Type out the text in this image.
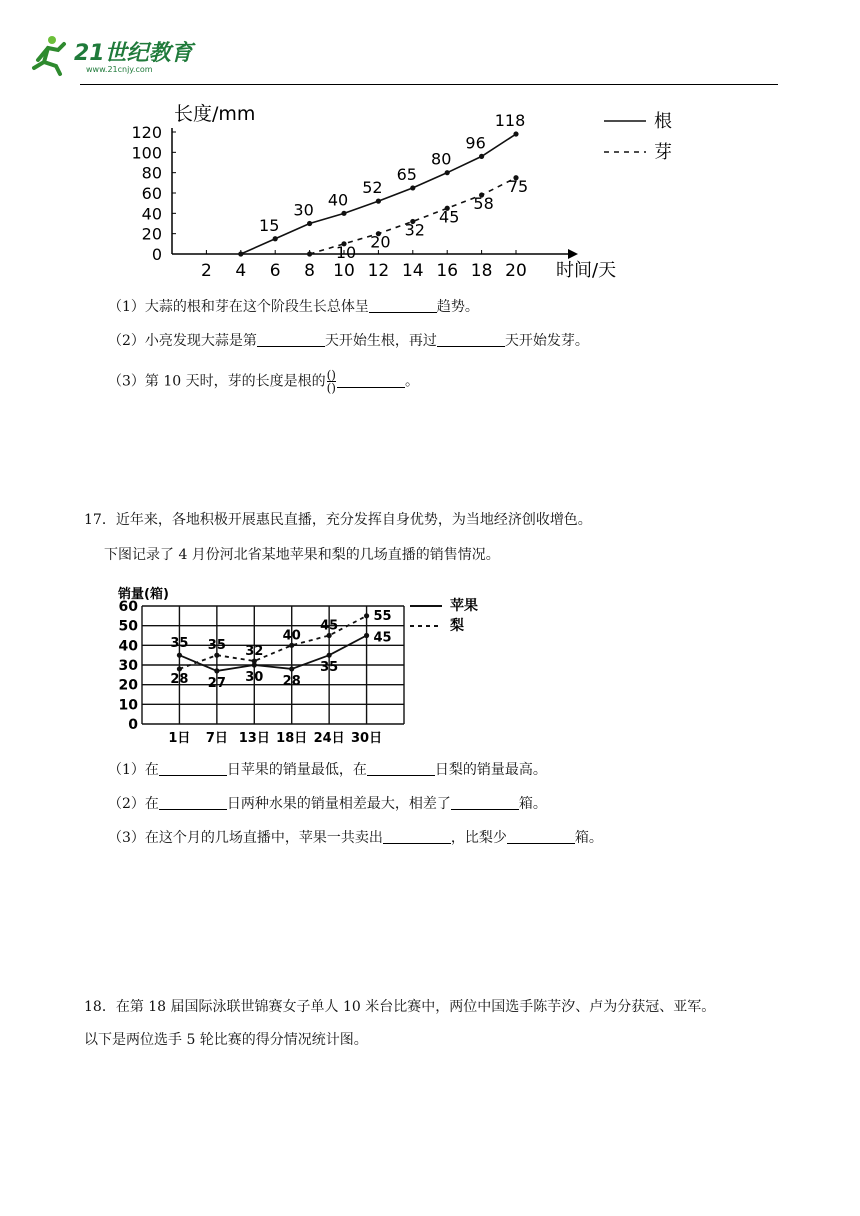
21世纪教育
www.21cnjy.com
长度/mm
0
20
40
60
80
100
120
2 4 6 8 10 12 14 16 18 20 时间/天
15
30
40
52
65
80
96
118
10
20
32
45
58
75
根
芽
（1）大蒜的根和芽在这个阶段生长总体呈	趋势。
（2）小亮发现大蒜是第	天开始生根，再过	天开始发芽。
（3）第 10 天时，芽的长度是根的 $\frac{()}{()}$	。
17．近年来，各地积极开展惠民直播，充分发挥自身优势，为当地经济创收增色。
下图记录了 4 月份河北省某地苹果和梨的几场直播的销售情况。
销量(箱)
0
10
20
30
40
50
60
1日 7日 13日 18日 24日 30日
35
27 30 28
35
45
28
35 32
40
45
55
苹果
梨
（1）在	日苹果的销量最低，在	日梨的销量最高。
（2）在	日两种水果的销量相差最大，相差了	箱。
（3）在这个月的几场直播中，苹果一共卖出	，比梨少	箱。
18．在第 18 届国际泳联世锦赛女子单人 10 米台比赛中，两位中国选手陈芋汐、卢为分获冠、亚军。
以下是两位选手 5 轮比赛的得分情况统计图。
